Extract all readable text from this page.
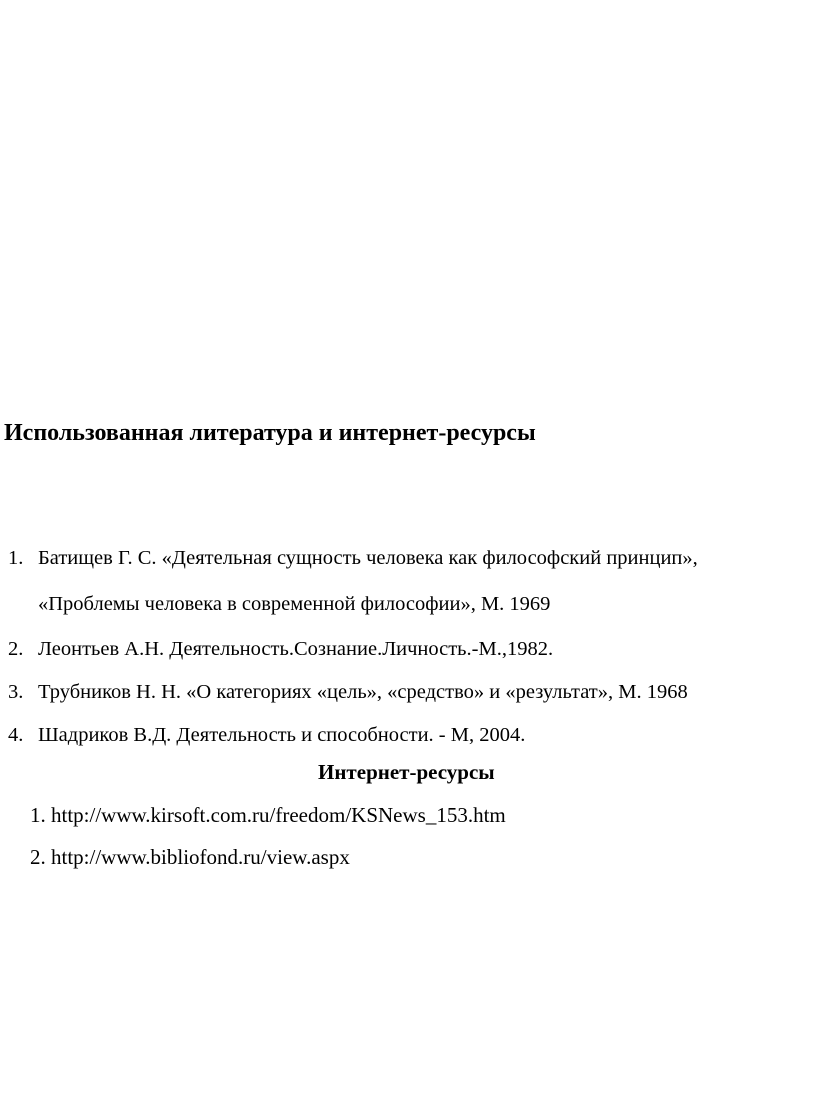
Использованная литература и интернет-ресурсы
1. Батищев Г. С. «Деятельная сущность человека как философский принцип»,
«Проблемы человека в современной философии», М. 1969
2. Леонтьев А.Н. Деятельность.Сознание.Личность.-М.,1982.
3. Трубников Н. Н. «О категориях «цель», «средство» и «результат», М. 1968
4. Шадриков В.Д. Деятельность и способности. - М, 2004.
Интернет-ресурсы
1. http://www.kirsoft.com.ru/freedom/KSNews_153.htm
2. http://www.bibliofond.ru/view.aspx
